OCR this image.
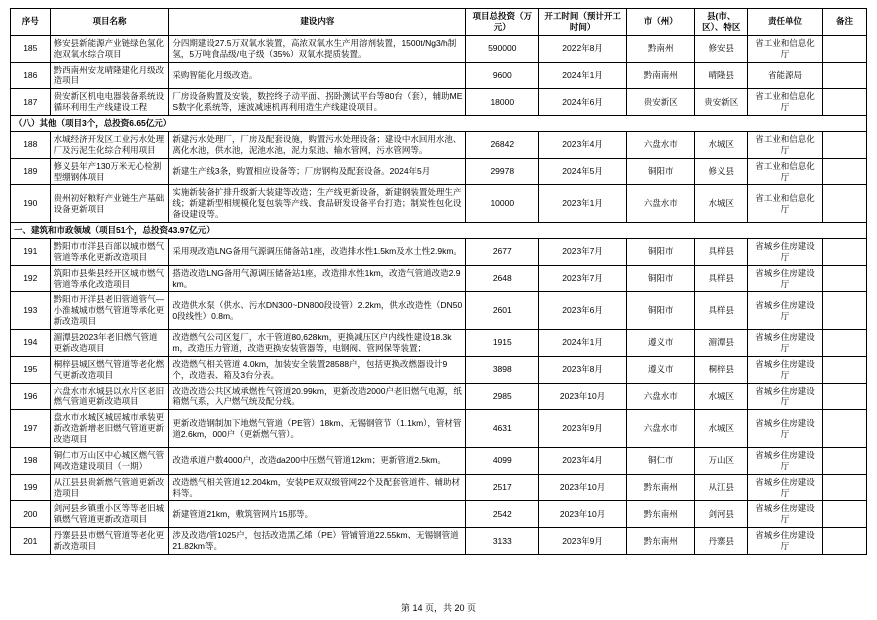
序号	项目名称	建设内容	项目总投资（万元）	开工时间（预计开工时间）	市（州）	县(市、区）、特区	责任单位	备注
185	修安县新能源产业链绿色氢化泡双氧水综合项目	分四期建设27.5万双氧水装置，高浓双氧水生产用溶剂装置，1500t/Ng3/h制氢，5万吨食品级/电子级（35%）双氧水提质装置。	590000	2022年8月	黔南州	修安县	省工业和信息化厅	
186	黔西南州安龙晴隆建化月级改造项目	采购智能化月级改造。	9600	2024年1月	黔南南州	晴隆县	省能源局	
187	贵安新区机电电器装备系统设循环利用生产线建设工程	厂房设备购置及安装，数控终子动平面、拐卧测试平台等80台（套），辅助MES数字化系统等，速波减速机再利用造生产线建设项目。	18000	2024年6月	贵安新区	贵安新区	省工业和信息化厅	
（八）其他（项目3个，总投资6.65亿元）								
188	水城经济开发区工业污水处理厂及污泥生化综合利用项目	新建污水处理厂，厂房及配套设施，购置污水处理设备；建设中水回用水池、离化水池，供水池，泥池水池，泥力泵池、输水管网，污水管网等。	26842	2023年4月	六盘水市	水城区	省工业和信息化厅	
189	修义县年产130万米无心检割型绷钢体项目	新建生产线3条，购置相应设备等；厂房钢构及配套设备。2024年5月	29978	2024年5月	铜阳市	修义县	省工业和信息化厅	
190	贵州初好粮籽产业链生产基础设备更新项目	实施新装备扩排升级新大装建等改造；生产线更新设备，新建钢装置处理生产线；新建新型相规模化复包装等产线、食品研发设备平台打造；制炭性包化设备设建设等。	10000	2023年1月	六盘水市	水城区	省工业和信息化厅	
一、建筑和市政领域（项目51个，总投资43.97亿元）								
191	黔阳市市洋县百部以城市燃气管道等承化更新改造项目	采用现改造LNG备用气源调压储备站1座，改造排水性1.5km及水土性2.9km。	2677	2023年7月	铜阳市	具样县	省城乡住房建设厅	
192	筑阳市县柴县经开区城市燃气管道等承化改造项目	搭造改造LNG备用气源调压储备站1座，改造排水性1km，改造气管道改造2.9km。	2648	2023年7月	铜阳市	具样县	省城乡住房建设厅	
193	黔阳市开洋县老旧管道管气—小淮城城市燃气管道等承化更新改造项目	改造供水泵（供水、污水DN300~DN800段设管）2.2km，供水改造性（DN500段线性）0.8m。	2601	2023年6月	铜阳市	具样县	省城乡住房建设厅	
194	湄潭县2023年老旧燃气管道更新改造项目	改造燃气公司区复厂，水干管道80,628km，更换减压区户内线性建设18.3km，改造压力管道，改造更换安装管器等，电钢阀、管网保等装置；	1915	2024年1月	遵义市	湄潭县	省城乡住房建设厅	
195	桐梓县城区燃气管道等老化燃气更新改造项目	改造燃气相关管道 4.0km，加装安全装置28588户，包括更换改燃器设计9个，改造表、箱及3台分表。	3898	2023年8月	遵义市	桐梓县	省城乡住房建设厅	
196	六盘水市水城县以水片区老旧燃气管道更新改造项目	改造改造公共区域承燃性气管道20.99km，更新改造2000户老旧燃气电源，纸箱燃气系，入户燃气统及配分线。	2985	2023年10月	六盘水市	水城区	省城乡住房建设厅	
197	盘水市水城区城居城市承装更新改造新增老旧燃气管道更新改造项目	更新改造钢制加下地燃气管道（PE管）18km、无锡钢管节（1.1km），管材管道2.6km，000户（更新燃气管）。	4631	2023年9月	六盘水市	水城区	省城乡住房建设厅	
198	铜仁市万山区中心城区燃气管网改造建设项目（一期）	改造承道户数4000户，改造da200中压燃气管道12km；更新管道2.5km。	4099	2023年4月	铜仁市	万山区	省城乡住房建设厅	
199	从江县县贵新燃气管道更新改造项目	改造燃气相关管道12.204km，安装PE双双级管网22个及配套管道件、辅助材料等。	2517	2023年10月	黔东南州	从江县	省城乡住房建设厅	
200	剑河县乡镇重小区等等老旧城镇燃气管道更新改造项目	新建管道21km，敷筑管网片15那等。	2542	2023年10月	黔东南州	剑河县	省城乡住房建设厅	
201	丹寨县县市燃气管道等老化更新改造项目	涉及改造/管1025户，包括改造黑乙烯（PE）管铺管道22.55km、无锡钢管道21.82km等。	3133	2023年9月	黔东南州	丹寨县	省城乡住房建设厅	
第 14 页，共 20 页
